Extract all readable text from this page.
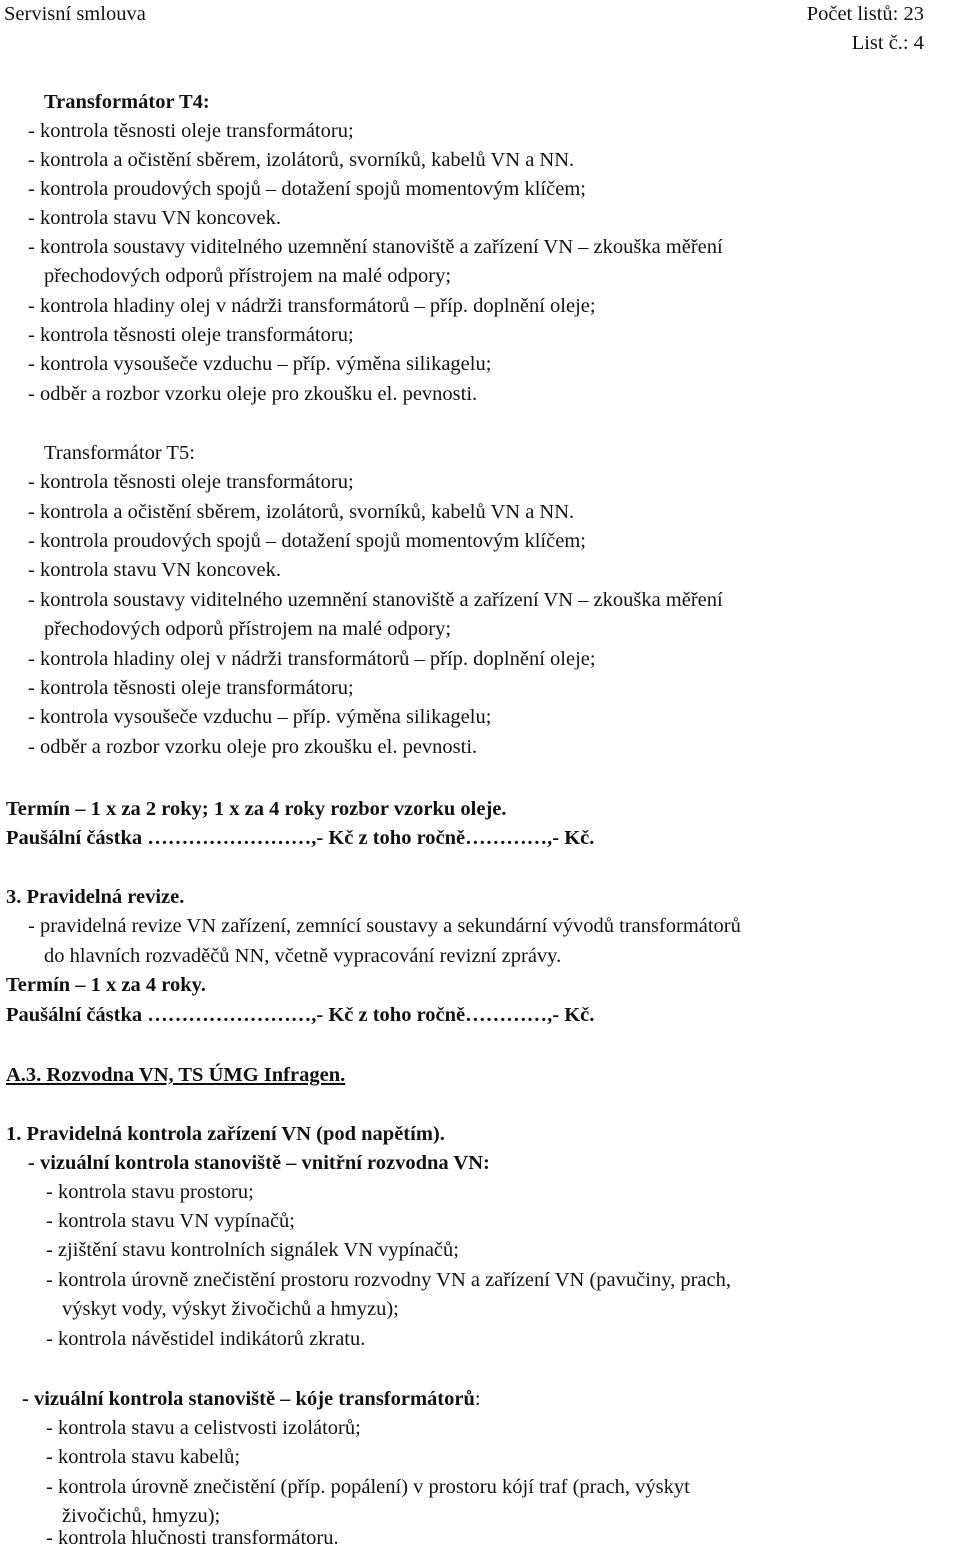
Servisní smlouva	Počet listů: 23
List č.: 4
Transformátor T4:
- kontrola těsnosti oleje transformátoru;
- kontrola a očistění sběrem, izolátorů, svorníků, kabelů VN a NN.
- kontrola proudových spojů – dotažení spojů momentovým klíčem;
- kontrola stavu VN koncovek.
- kontrola soustavy viditelného uzemnění stanoviště a zařízení VN – zkouška měření
přechodových odporů přístrojem na malé odpory;
- kontrola hladiny olej v nádrži transformátorů – příp. doplnění oleje;
- kontrola těsnosti oleje transformátoru;
- kontrola vysoušeče vzduchu – příp. výměna silikagelu;
- odběr a rozbor vzorku oleje pro zkoušku el. pevnosti.
Transformátor T5:
- kontrola těsnosti oleje transformátoru;
- kontrola a očistění sběrem, izolátorů, svorníků, kabelů VN a NN.
- kontrola proudových spojů – dotažení spojů momentovým klíčem;
- kontrola stavu VN koncovek.
- kontrola soustavy viditelného uzemnění stanoviště a zařízení VN – zkouška měření
přechodových odporů přístrojem na malé odpory;
- kontrola hladiny olej v nádrži transformátorů – příp. doplnění oleje;
- kontrola těsnosti oleje transformátoru;
- kontrola vysoušeče vzduchu – příp. výměna silikagelu;
- odběr a rozbor vzorku oleje pro zkoušku el. pevnosti.
Termín – 1 x za 2 roky; 1 x za 4 roky rozbor vzorku oleje.
Paušální částka ……………………,- Kč z toho ročně…………,- Kč.
3. Pravidelná revize.
- pravidelná revize VN zařízení, zemnící soustavy a sekundární vývodů transformátorů
do hlavních rozvaděčů NN, včetně vypracování revizní zprávy.
Termín – 1 x za 4 roky.
Paušální částka ……………………,- Kč z toho ročně…………,- Kč.
A.3. Rozvodna VN, TS ÚMG Infragen.
1. Pravidelná kontrola zařízení VN (pod napětím).
- vizuální kontrola stanoviště – vnitřní rozvodna VN:
- kontrola stavu prostoru;
- kontrola stavu VN vypínačů;
- zjištění stavu kontrolních signálek VN vypínačů;
- kontrola úrovně znečistění prostoru rozvodny VN a zařízení VN (pavučiny, prach,
výskyt vody, výskyt živočichů a hmyzu);
- kontrola návěstidel indikátorů zkratu.
- vizuální kontrola stanoviště – kóje transformátorů:
- kontrola stavu a celistvosti izolátorů;
- kontrola stavu kabelů;
- kontrola úrovně znečistění (příp. popálení) v prostoru kójí traf (prach, výskyt
živočichů, hmyzu);
- kontrola hlučnosti transformátoru.
